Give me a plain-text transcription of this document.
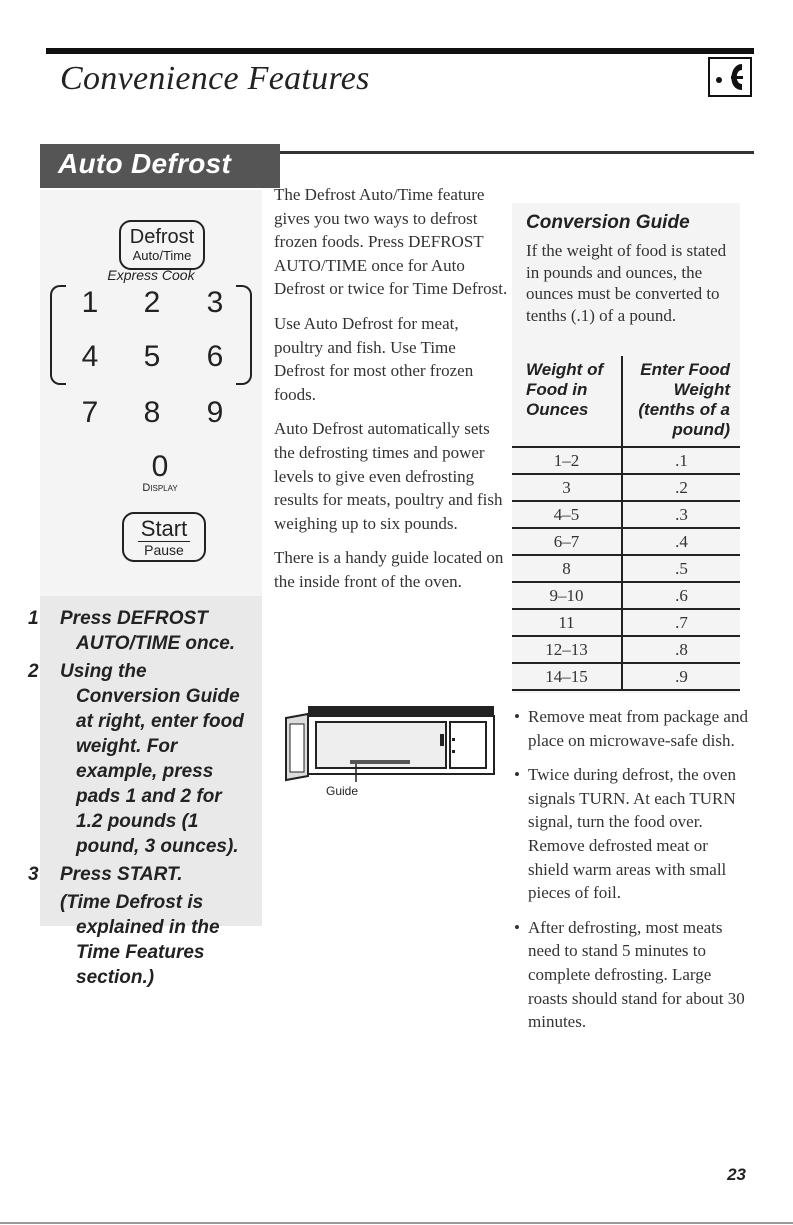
Convenience Features
Auto Defrost
Defrost
Auto/Time
Express Cook
1	2	3
4	5	6
7	8	9
0
Display
Start
Pause
1 Press DEFROST AUTO/TIME once.
2 Using the Conversion Guide at right, enter food weight. For example, press pads 1 and 2 for 1.2 pounds (1 pound, 3 ounces).
3 Press START.
(Time Defrost is explained in the Time Features section.)

The Defrost Auto/Time feature gives you two ways to defrost frozen foods. Press DEFROST AUTO/TIME once for Auto Defrost or twice for Time Defrost.

Use Auto Defrost for meat, poultry and fish. Use Time Defrost for most other frozen foods.

Auto Defrost automatically sets the defrosting times and power levels to give even defrosting results for meats, poultry and fish weighing up to six pounds.

There is a handy guide located on the inside front of the oven.

Guide
Conversion Guide
If the weight of food is stated in pounds and ounces, the ounces must be converted to tenths (.1) of a pound.
Weight of Food in Ounces	Enter Food Weight (tenths of a pound)
1–2	.1
3	.2
4–5	.3
6–7	.4
8	.5
9–10	.6
11	.7
12–13	.8
14–15	.9
• Remove meat from package and place on microwave-safe dish.
• Twice during defrost, the oven signals TURN. At each TURN signal, turn the food over. Remove defrosted meat or shield warm areas with small pieces of foil.
• After defrosting, most meats need to stand 5 minutes to complete defrosting. Large roasts should stand for about 30 minutes.
23
